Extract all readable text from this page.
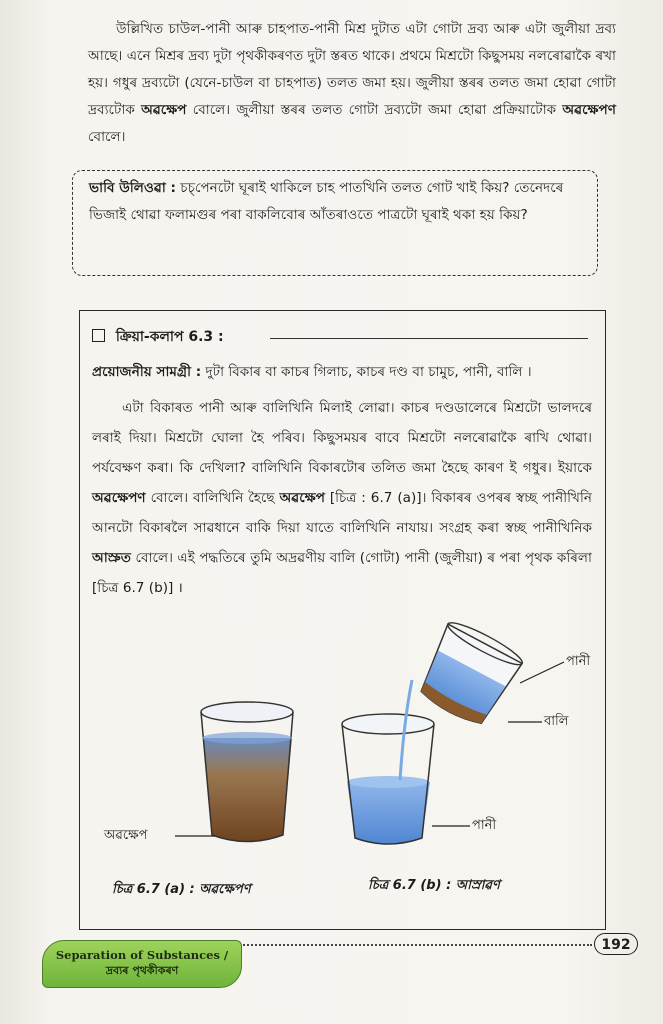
উল্লিখিত চাউল-পানী আৰু চাহপাত-পানী মিশ্ৰ দুটাত এটা গোটা দ্ৰব্য আৰু এটা জুলীয়া দ্ৰব্য আছে। এনে মিশ্ৰৰ দ্ৰব্য দুটা পৃথকীকৰণত দুটা স্তৰত থাকে। প্ৰথমে মিশ্ৰটো কিছুসময় নলৰোৱাকৈ ৰখা হয়। গধুৰ দ্ৰব্যটো (যেনে-চাউল বা চাহপাত) তলত জমা হয়। জুলীয়া স্তৰৰ তলত জমা হোৱা গোটা দ্ৰব্যটোক অৱক্ষেপ বোলে। জুলীয়া স্তৰৰ তলত গোটা দ্ৰব্যটো জমা হোৱা প্ৰক্ৰিয়াটোক অৱক্ষেপণ বোলে।
ভাবি উলিওৱা : চচ্‌পেনটো ঘূৰাই থাকিলে চাহ পাতখিনি তলত গোট খাই কিয়? তেনেদৰে ভিজাই থোৱা ফলামগুৰ পৰা বাকলিবোৰ আঁতৰাওতে পাত্ৰটো ঘূৰাই থকা হয় কিয়?
ক্ৰিয়া-কলাপ 6.3 :
প্ৰয়োজনীয় সামগ্ৰী : দুটা বিকাৰ বা কাচৰ গিলাচ, কাচৰ দণ্ড বা চামুচ, পানী, বালি ।
এটা বিকাৰত পানী আৰু বালিখিনি মিলাই লোৱা। কাচৰ দণ্ডডালেৰে মিশ্ৰটো ভালদৰে লৰাই দিয়া। মিশ্ৰটো ঘোলা হৈ পৰিব। কিছুসময়ৰ বাবে মিশ্ৰটো নলৰোৱাকৈ ৰাখি থোৱা। পৰ্যবেক্ষণ কৰা। কি দেখিলা? বালিখিনি বিকাৰটোৰ তলিত জমা হৈছে কাৰণ ই গধুৰ। ইয়াকে অৱক্ষেপণ বোলে। বালিখিনি হৈছে অৱক্ষেপ [চিত্ৰ : 6.7 (a)]। বিকাৰৰ ওপৰৰ স্বচ্ছ পানীখিনি আনটো বিকাৰলৈ সাৱধানে বাকি দিয়া যাতে বালিখিনি নাযায়। সংগ্ৰহ কৰা স্বচ্ছ পানীখিনিক আস্ৰুত বোলে। এই পদ্ধতিৰে তুমি অদ্ৰৱণীয় বালি (গোটা) পানী (জুলীয়া) ৰ পৰা পৃথক কৰিলা [চিত্ৰ 6.7 (b)] ।
অৱক্ষেপ
পানী
বালি
পানী
চিত্ৰ 6.7 (a) : অৱক্ষেপণ	চিত্ৰ 6.7 (b) : আস্ৰাৱণ
192
Separation of Substances /
দ্ৰব্যৰ পৃথকীকৰণ
